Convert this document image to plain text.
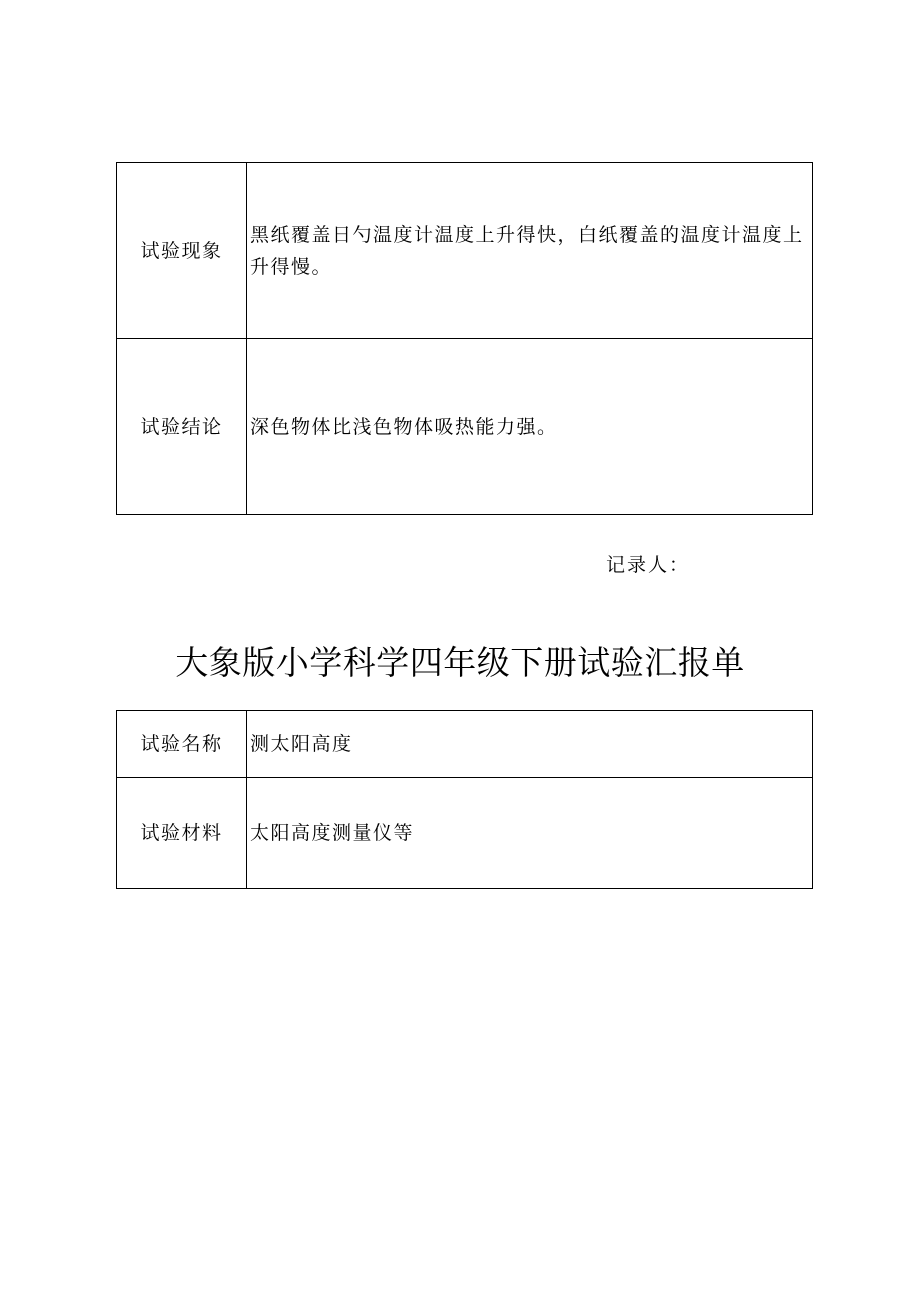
试验现象	黑纸覆盖日勺温度计温度上升得快，白纸覆盖的温度计温度上升得慢。
试验结论	深色物体比浅色物体吸热能力强。
记录人：
大象版小学科学四年级下册试验汇报单
试验名称	测太阳高度
试验材料	太阳高度测量仪等
